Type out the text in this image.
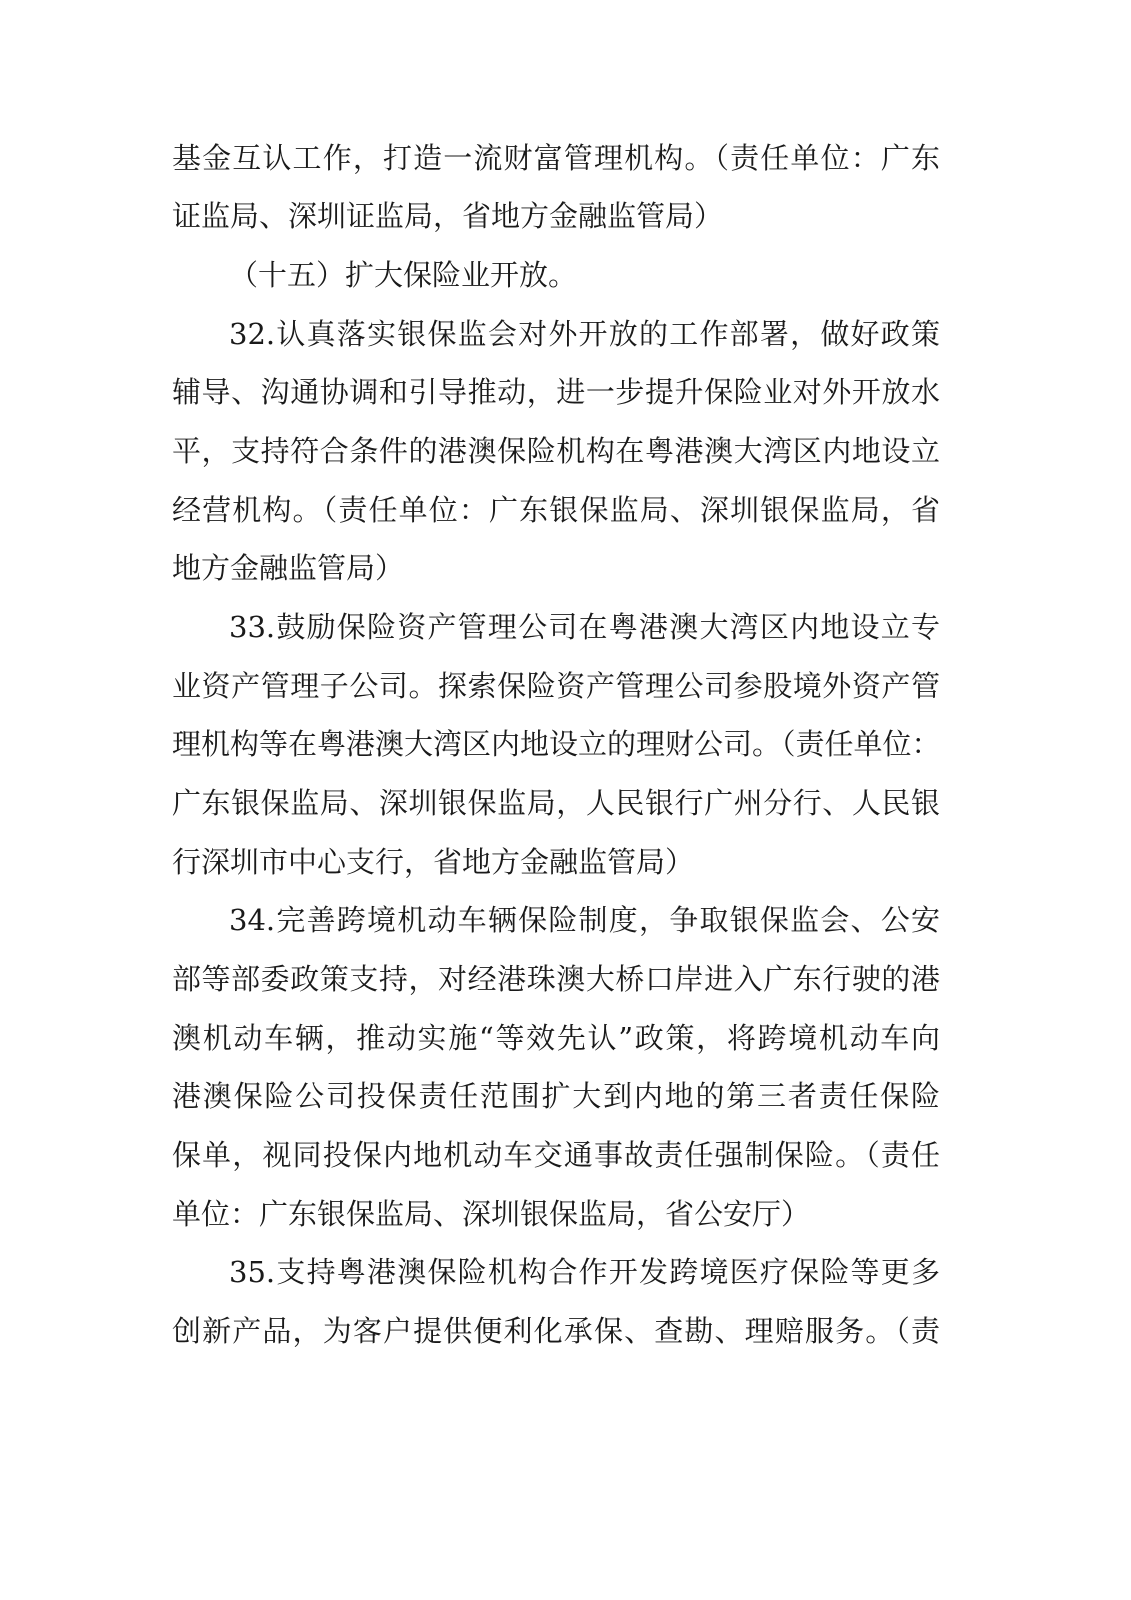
基金互认工作，打造一流财富管理机构。（责任单位：广东
证监局、深圳证监局，省地方金融监管局）
（十五）扩大保险业开放。
32.认真落实银保监会对外开放的工作部署，做好政策
辅导、沟通协调和引导推动，进一步提升保险业对外开放水
平，支持符合条件的港澳保险机构在粤港澳大湾区内地设立
经营机构。（责任单位：广东银保监局、深圳银保监局，省
地方金融监管局）
33.鼓励保险资产管理公司在粤港澳大湾区内地设立专
业资产管理子公司。探索保险资产管理公司参股境外资产管
理机构等在粤港澳大湾区内地设立的理财公司。（责任单位：
广东银保监局、深圳银保监局，人民银行广州分行、人民银
行深圳市中心支行，省地方金融监管局）
34.完善跨境机动车辆保险制度，争取银保监会、公安
部等部委政策支持，对经港珠澳大桥口岸进入广东行驶的港
澳机动车辆，推动实施“等效先认”政策，将跨境机动车向
港澳保险公司投保责任范围扩大到内地的第三者责任保险
保单，视同投保内地机动车交通事故责任强制保险。（责任
单位：广东银保监局、深圳银保监局，省公安厅）
35.支持粤港澳保险机构合作开发跨境医疗保险等更多
创新产品，为客户提供便利化承保、查勘、理赔服务。（责
